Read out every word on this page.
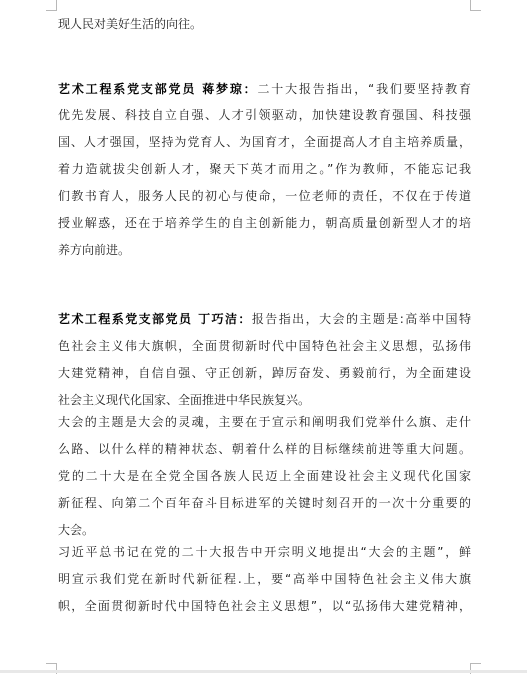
现人民对美好生活的向往。
艺术工程系党支部党员 蒋梦琼：二十大报告指出，“我们要坚持教育
优先发展、科技自立自强、人才引领驱动，加快建设教育强国、科技强
国、人才强国，坚持为党育人、为国育才，全面提高人才自主培养质量，
着力造就拔尖创新人才，聚天下英才而用之。”作为教师，不能忘记我
们教书育人，服务人民的初心与使命，一位老师的责任，不仅在于传道
授业解惑，还在于培养学生的自主创新能力，朝高质量创新型人才的培
养方向前进。
艺术工程系党支部党员 丁巧洁：报告指出，大会的主题是:高举中国特
色社会主义伟大旗帜，全面贯彻新时代中国特色社会主义思想，弘扬伟
大建党精神，自信自强、守正创新，踔厉奋发、勇毅前行，为全面建设
社会主义现代化国家、全面推进中华民族复兴。
大会的主题是大会的灵魂，主要在于宣示和阐明我们党举什么旗、走什
么路、以什么样的精神状态、朝着什么样的目标继续前进等重大问题。
党的二十大是在全党全国各族人民迈上全面建设社会主义现代化国家
新征程、向第二个百年奋斗目标进军的关键时刻召开的一次十分重要的
大会。
习近平总书记在党的二十大报告中开宗明义地提出“大会的主题”，鲜
明宣示我们党在新时代新征程.上，要“高举中国特色社会主义伟大旗
帜，全面贯彻新时代中国特色社会主义思想”，以“弘扬伟大建党精神，
